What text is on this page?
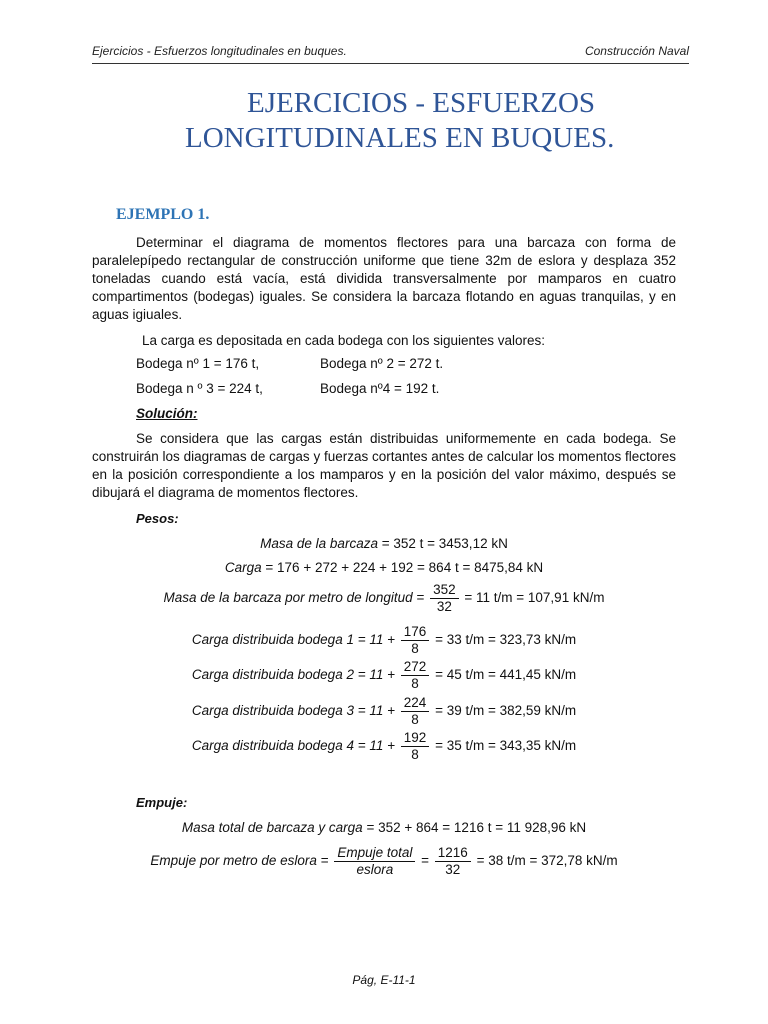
Ejercicios - Esfuerzos longitudinales en buques.	Construcción Naval
EJERCICIOS - ESFUERZOS
LONGITUDINALES EN BUQUES.
EJEMPLO 1.

Determinar el diagrama de momentos flectores para una barcaza con forma de paralelepípedo rectangular de construcción uniforme que tiene 32m de eslora y desplaza 352 toneladas cuando está vacía, está dividida transversalmente por mamparos en cuatro compartimentos (bodegas) iguales. Se considera la barcaza flotando en aguas tranquilas, y en aguas igiuales.

La carga es depositada en cada bodega con los siguientes valores:

Bodega nº 1 = 176 t,	Bodega nº 2 = 272 t.
Bodega n º 3 = 224 t,	Bodega nº4 = 192 t.
Solución:

Se considera que las cargas están distribuidas uniformemente en cada bodega. Se construirán los diagramas de cargas y fuerzas cortantes antes de calcular los momentos flectores en la posición correspondiente a los mamparos y en la posición del valor máximo, después se dibujará el diagrama de momentos flectores.

Pesos:
Masa de la barcaza = 352 t = 3453,12 kN
Carga = 176 + 272 + 224 + 192 = 864 t = 8475,84 kN
Masa de la barcaza por metro de longitud = $\frac{352}{32} = 11$ t/m = 107,91 kN/m
Carga distribuida bodega $1 = 11 + \frac{176}{8} = 33$ t/m = 323,73 kN/m
Carga distribuida bodega $2 = 11 + \frac{272}{8} = 45$ t/m = 441,45 kN/m
Carga distribuida bodega $3 = 11 + \frac{224}{8} = 39$ t/m = 382,59 kN/m
Carga distribuida bodega $4 = 11 + \frac{192}{8} = 35$ t/m = 343,35 kN/m
Empuje:
Masa total de barcaza y carga = 352 + 864 = 1216 t = 11 928,96 kN
Empuje por metro de eslora = $\frac{\text{Empuje total}}{\text{eslora}} = \frac{1216}{32} = 38$ t/m = 372,78 kN/m
Pág, E-11-1
